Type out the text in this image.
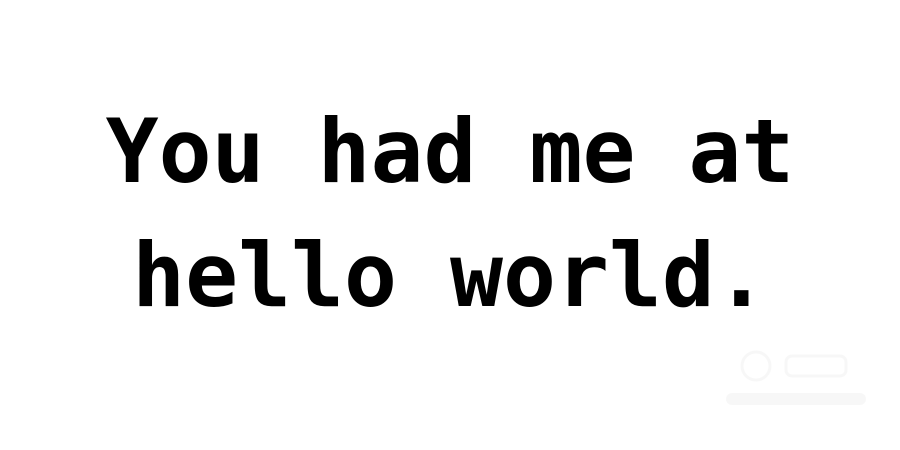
You had me at
hello world.
